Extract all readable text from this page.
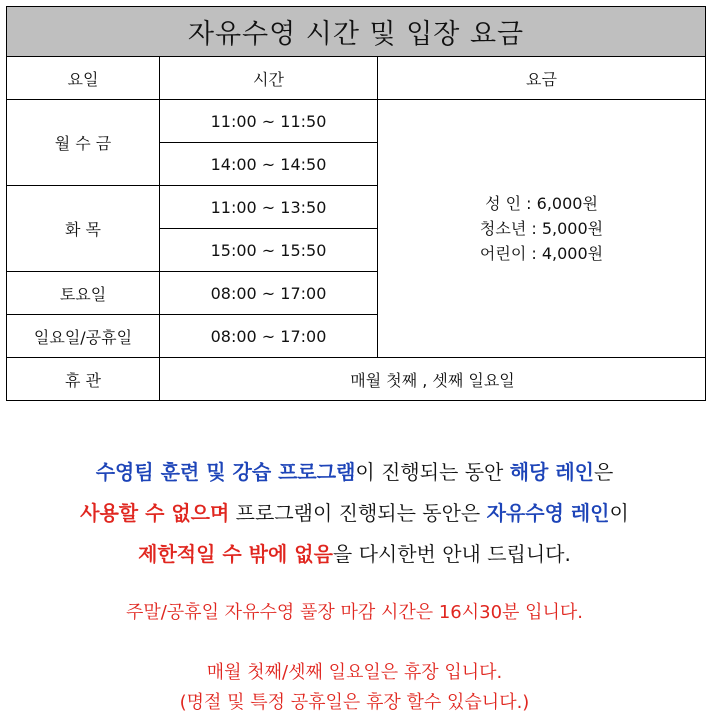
자유수영 시간 및 입장 요금		
요일	시간	요금
월 수 금	11:00 ~ 11:50	성 인 : 6,000원
청소년 : 5,000원
어린이 : 4,000원

	14:00 ~ 14:50	
화 목	11:00 ~ 13:50	
	15:00 ~ 15:50	
토요일	08:00 ~ 17:00	
일요일/공휴일	08:00 ~ 17:00	
휴 관	매월 첫째 , 셋째 일요일	
수영팀 훈련 및 강습 프로그램이 진행되는 동안 해당 레인은
사용할 수 없으며 프로그램이 진행되는 동안은 자유수영 레인이
제한적일 수 밖에 없음을 다시한번 안내 드립니다.
주말/공휴일 자유수영 풀장 마감 시간은 16시30분 입니다.
매월 첫째/셋째 일요일은 휴장 입니다.
(명절 및 특정 공휴일은 휴장 할수 있습니다.)
